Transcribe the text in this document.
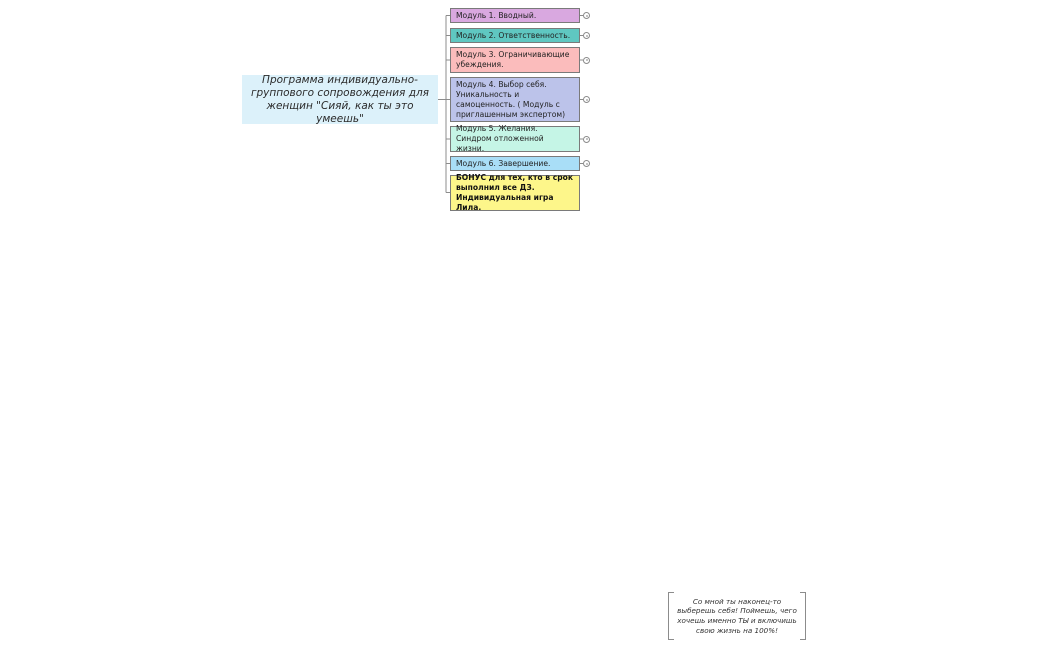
Программа индивидуально-группового сопровождения для женщин "Сияй, как ты это умеешь"
Модуль 1. Вводный.
Модуль 2. Ответственность.
Модуль 3. Ограничивающие убеждения.
Модуль 4. Выбор себя. Уникальность и самоценность. ( Модуль с приглашенным экспертом)
Модуль 5. Желания. Синдром отложенной жизни.
Модуль 6. Завершение.
БОНУС для тех, кто в срок выполнил все ДЗ. Индивидуальная игра Лила.
Со мной ты наконец-то выберешь себя! Поймешь, чего хочешь именно ТЫ и включишь свою жизнь на 100%!
